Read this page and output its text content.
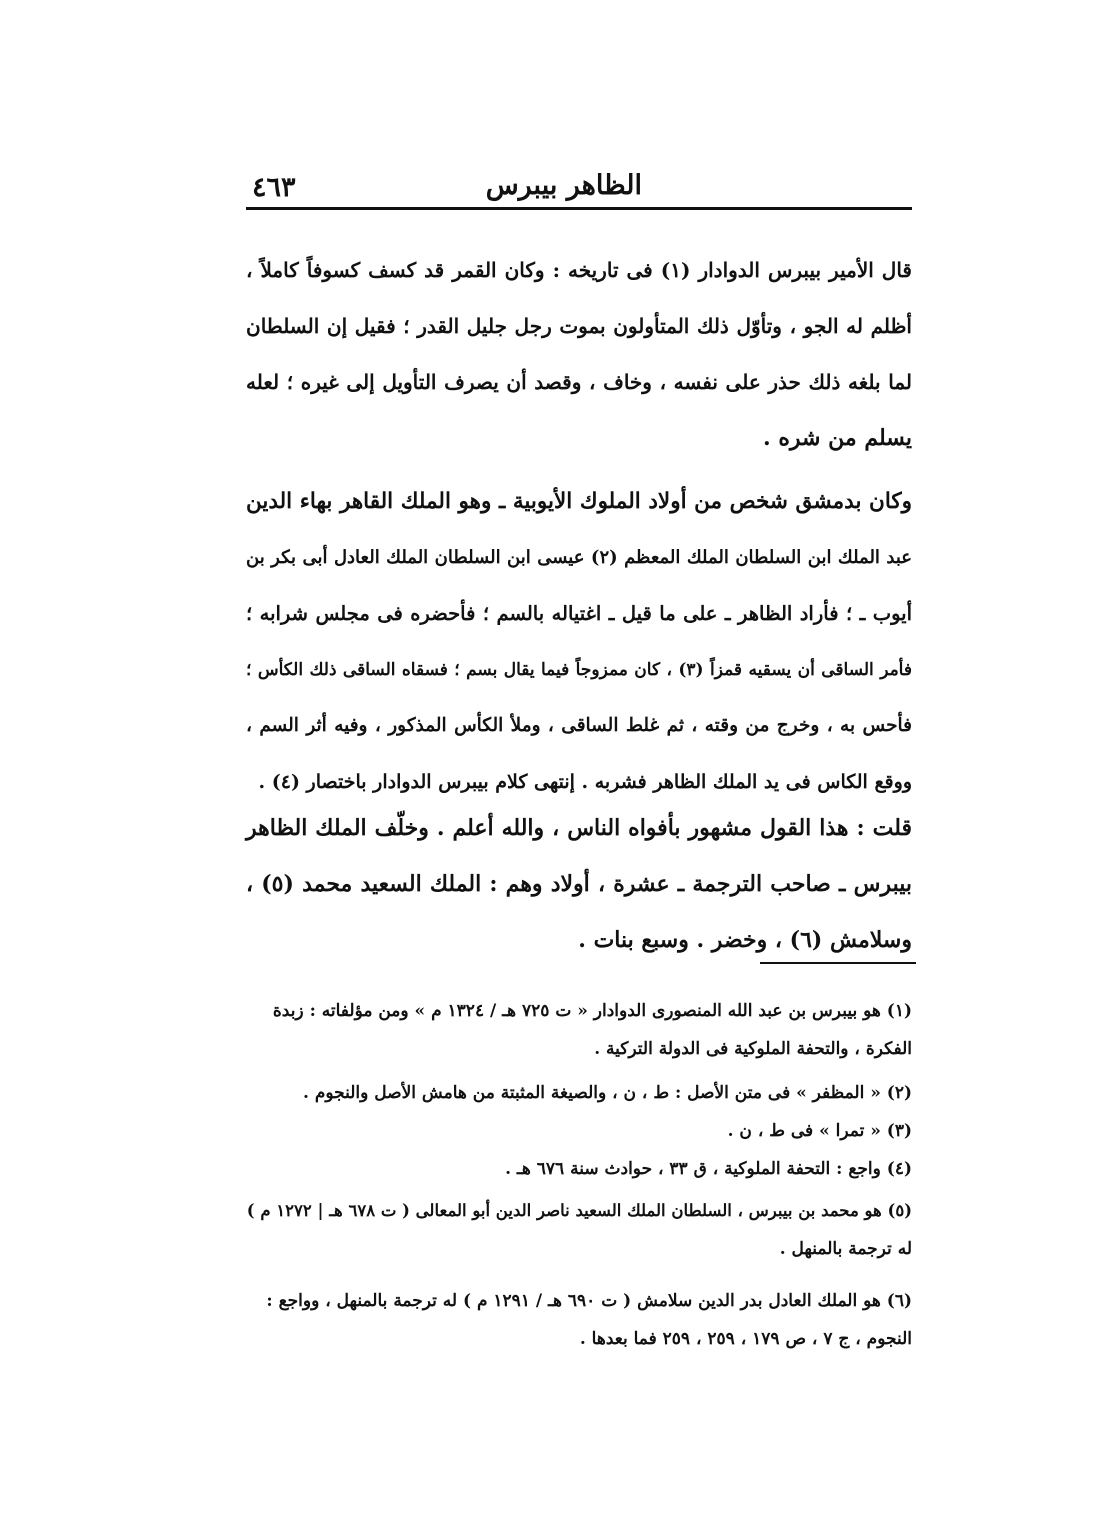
الظاهر بيبرس
٤٦٣
قال الأمير بيبرس الدوادار (١) فى تاريخه : وكان القمر قد كسف كسوفاً كاملاً ،
أظلم له الجو ، وتأوّل ذلك المتأولون بموت رجل جليل القدر ؛ فقيل إن السلطان
لما بلغه ذلك حذر على نفسه ، وخاف ، وقصد أن يصرف التأويل إلى غيره ؛ لعله
يسلم من شره .
وكان بدمشق شخص من أولاد الملوك الأيوبية ـ وهو الملك القاهر بهاء الدين
عبد الملك ابن السلطان الملك المعظم (٢) عيسى ابن السلطان الملك العادل أبى بكر بن
أيوب ـ ؛ فأراد الظاهر ـ على ما قيل ـ اغتياله بالسم ؛ فأحضره فى مجلس شرابه ؛
فأمر الساقى أن يسقيه قمزاً (٣) ، كان ممزوجاً فيما يقال بسم ؛ فسقاه الساقى ذلك الكأس ؛
فأحس به ، وخرج من وقته ، ثم غلط الساقى ، وملأ الكأس المذكور ، وفيه أثر السم ،
ووقع الكاس فى يد الملك الظاهر فشربه . إنتهى كلام بيبرس الدوادار باختصار (٤) .
قلت : هذا القول مشهور بأفواه الناس ، والله أعلم . وخلّف الملك الظاهر
بيبرس ـ صاحب الترجمة ـ عشرة ، أولاد وهم : الملك السعيد محمد (٥) ،
وسلامش (٦) ، وخضر . وسبع بنات .
(١) هو بيبرس بن عبد الله المنصورى الدوادار « ت ٧٢٥ هـ / ١٣٢٤ م » ومن مؤلفاته : زبدة
الفكرة ، والتحفة الملوكية فى الدولة التركية .
(٢) « المظفر » فى متن الأصل : ط ، ن ، والصيغة المثبتة من هامش الأصل والنجوم .
(٣) « تمرا » فى ط ، ن .
(٤) واجع : التحفة الملوكية ، ق ٣٣ ، حوادث سنة ٦٧٦ هـ .
(٥) هو محمد بن بيبرس ، السلطان الملك السعيد ناصر الدين أبو المعالى ( ت ٦٧٨ هـ | ١٢٧٢ م )
له ترجمة بالمنهل .
(٦) هو الملك العادل بدر الدين سلامش ( ت ٦٩٠ هـ / ١٢٩١ م ) له ترجمة بالمنهل ، وواجع :
النجوم ، ج ٧ ، ص ١٧٩ ، ٢٥٩ ، ٢٥٩ فما بعدها .
